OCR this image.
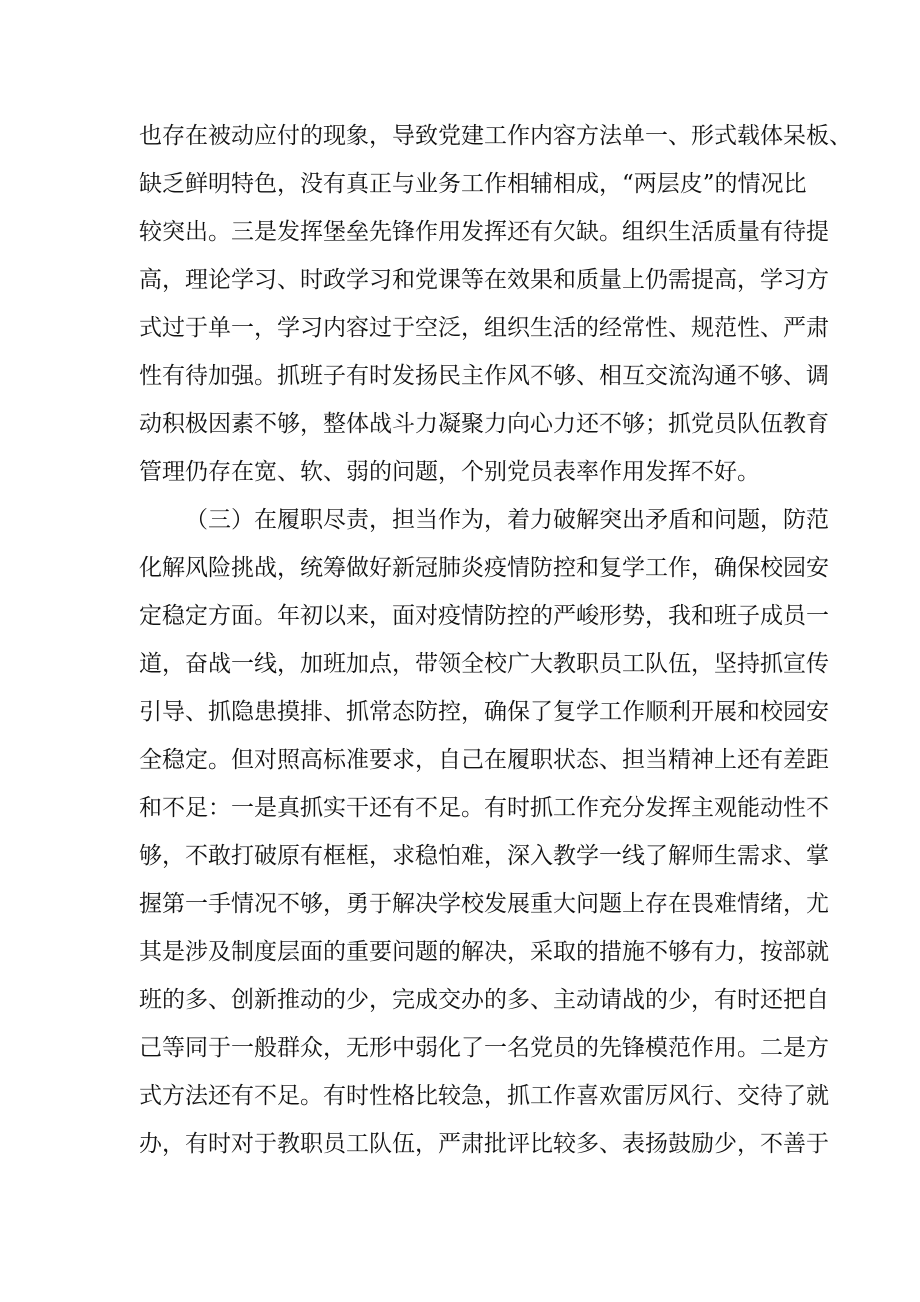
也存在被动应付的现象，导致党建工作内容方法单一、形式载体呆板、
缺乏鲜明特色，没有真正与业务工作相辅相成，“两层皮”的情况比
较突出。三是发挥堡垒先锋作用发挥还有欠缺。组织生活质量有待提
高，理论学习、时政学习和党课等在效果和质量上仍需提高，学习方
式过于单一，学习内容过于空泛，组织生活的经常性、规范性、严肃
性有待加强。抓班子有时发扬民主作风不够、相互交流沟通不够、调
动积极因素不够，整体战斗力凝聚力向心力还不够；抓党员队伍教育
管理仍存在宽、软、弱的问题，个别党员表率作用发挥不好。
（三）在履职尽责，担当作为，着力破解突出矛盾和问题，防范
化解风险挑战，统筹做好新冠肺炎疫情防控和复学工作，确保校园安
定稳定方面。年初以来，面对疫情防控的严峻形势，我和班子成员一
道，奋战一线，加班加点，带领全校广大教职员工队伍，坚持抓宣传
引导、抓隐患摸排、抓常态防控，确保了复学工作顺利开展和校园安
全稳定。但对照高标准要求，自己在履职状态、担当精神上还有差距
和不足：一是真抓实干还有不足。有时抓工作充分发挥主观能动性不
够，不敢打破原有框框，求稳怕难，深入教学一线了解师生需求、掌
握第一手情况不够，勇于解决学校发展重大问题上存在畏难情绪，尤
其是涉及制度层面的重要问题的解决，采取的措施不够有力，按部就
班的多、创新推动的少，完成交办的多、主动请战的少，有时还把自
己等同于一般群众，无形中弱化了一名党员的先锋模范作用。二是方
式方法还有不足。有时性格比较急，抓工作喜欢雷厉风行、交待了就
办，有时对于教职员工队伍，严肃批评比较多、表扬鼓励少，不善于
